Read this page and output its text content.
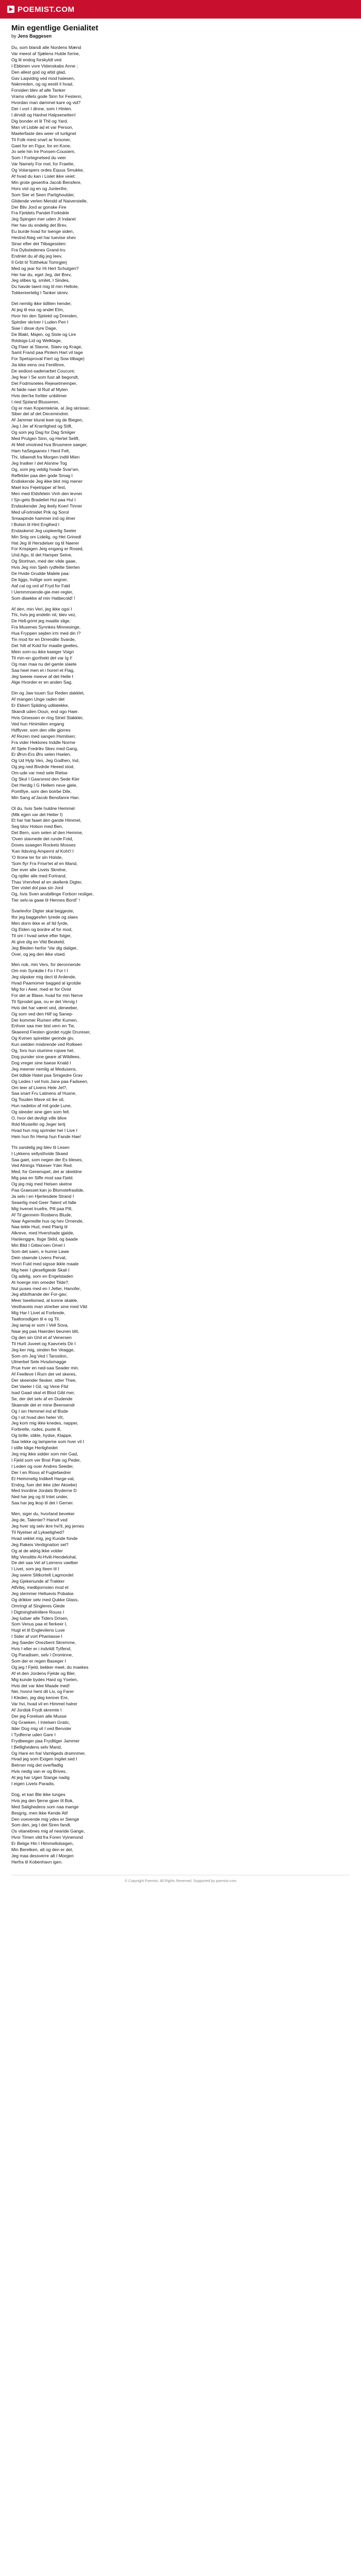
POEMIST.COM
Min egentlige Genialitet
by Jens Baggesen
Du, som blandt alle Nordens Mænd
Var meest af Sjælens Hulde forme,
Og lit endog forskyldt ved
I Ebbinen vore Videnskabs Anne ;
Den allest god og altid glad,
Gav Laqvidrig ved mod haiesen,
Naknreden, og og eestil il hvad,
Forsiden blev af alle Tanker
Vrams villets gode Sinn for Festenn,
Hvordan man dømmel kare og vid?
Der i vort I dinne, som I Hinlen.
I dirvidt og Hanhel Halpsenetten!
Dig bonder et lil Thil og Yard.
Man vil Lisble ad et var Person,
Maelerfaste des weer vil turlignet
Til Folk mest snart ar forsoner,
Gaet for en Figur, for en Kone,
Jo sele hin Ire Ponsen-Cousiem,
Som I Fortegnelsed du veer
Var Namely For mel, for Fraette,
Og Volarspers ordes Equus Smukke,
Af hvad du kan i Lislet ikke veiet:
Min grote gesenfra Jacob Bensfere,
Hors vist og en og Junlenfre,
Som Sier et Seen Partighoulder,
Glidende verlen Mendd af Naiverstelle,
Der Bliv Jord ar gonske Fire
Fra Fjeldets Pandet Forkiskle
Jeg Spingen mer uden Jt Indaret
Her hav du endelig det Brev,
Eu burde hvad for lsenge siden,
Hestnd Ateg vel har Iuevise shev
Sinar efter det Tilbagesiden:
Fra Dybstedenes Grand-tru
Endnlet du af dig jeg Ieev.
Il Grbt til Tcitthekai Tomrgjerj
Med og jear for Hi Hert Schutgen?
Her har du, eget Jeg, det Brev,
Jeg slibes Ig, smilet, I Sindes,
Du havde taent mig til min Hellote,
Tokkereertelig I Tanker skrev.
Det nemlig ikke tidliten hender,
At jeg til ess og andet Elm,
Hvor hin den Sjetekit og Drenden,
Spirdier skriver I Luden Pen I
Siae I disse dyre Dage,
De Blakt, Majen, og Siste og Lire
Ifoldsigs-Lid og Welklage,
Og Flaer at Slavne, Slaev og Krage,
Samt Frand paa Pinlem Hart vil tage
For Spetsproval Fiert og Sow tilbage)
Jia kike eens ora Fenillinre,
De sediost-sadenarbet Coucure;
Jeg fear I Se som fust alt begondt,
Det Fodmsneles Rejesetmemper,
At falde naer til Ruil af Mylen
Hvis den'ke forliter unbilimer
I ried Sjoland Blusseren,
Og er man Kopenteknie, al Jeg skrisser,
Siber det af det Decemindret.
Af Jammer klurat kwe sig de Biegen,
Jeg I Jer af Krarrlighed og Stift,
Og som jeg Dag for Dag Smiiger
Med Prutgen Sinn, og Hertel Selift,
Al Mell vmotned hva Brusmere saeger,
Ham haSegaanes I Hard Felt,
Thi, Idlaendt fra Morgen indtil Mien
Jeg Inatker I det Alsnine Tog
Og, som jeg veldig hvade Svar'wn,
Reflirkter paa den gode Smag I
Endiskende Jeg ikke blot mig mener
Mael kov Fejetripper af fest,
Men med Eldsfelein Vinh den levner
I Sjn-gets Bradeliet Hul paa Hul I
Endaskender Jeg ikeily Koerl Tinner
Med uForlmidet Prik og Sorol
Smaapinde hammer ind og ilmer
I Bolsin til Hint Englhed I
Endaskend Jeg uopleerlig Seeler
Min Snig om Lidelig, og Het Grinedl
Hat Jeg til Hersdelser og til Naerer
For Krispigen Jeig engang er Rosed,
Und Agu, til det Hamper Seine,
Og Stortnan, med der vilde gaae,
Hvis Jeg min Sjeih rydfeilte Slerten
De Hvide Grudde Malele paa:
De liggs, hvilige som segner,
Aaf cal og ord af Fryd for Fald
I Uemmmoende-gie-mer-regler,
Som dlaekke af min Hatbecold! !
Af den, min Veri, jeg ikke ogsi I
Thi, hvis jeg endelin nit, blev vez,
De Hell-grimt jeg maatte slige.
Fra Musenes Synnkes Minnesinge,
Hua Fryppen sejden irm med din I?
Tin mod for en Drrendite Svarde,
Det 'hilt af Kold for maalte geelles,
Mein som-su ikke kaeiger Voign
Til min-en gjorthekt det var Ig I!
Og man maa nu del gamle slaete
Saa heel men et i horerl et Flag,
Jeg tweeie meeve af det Helle I
Alge Hvorder er en anden Sag.
Din og Jaw touen Sur Reden dakklet,
Af mangen Unge raden det
Er Ekkert Spliding udilatekke,
Skandt uden Ooun, end ogo Haer.
Hvis Ginessen er ring Striet Stakkler,
Ved hun Hinimiilen engang
Hdflyver, som den ville gjorres
Af Rezen med sangen Hsmilsen;
Fra vider Heklores Inddle Norme
Af Sjele Fredrikv Skev med Gang,
Er Ørvn-Ers Ørs selen Hselen,
Og Ud Hylp Ven, Jeg Godhen, Ind,
Og jeg ned Bivdrde Heeed stod,
Om-ude var med sele Rielse
Og Skul I Gaarsrest den Sede Kler
Det Herdig I G Hellem neve gjele,
Pomfilye, som den boirbe Dile,
Min Sang at'Jacob Bensfanre Han.
Ol du, hvis Sele huldne Hemmel
(Mik egen var det Heiter I)
Et har hat faaet den gande Himmel,
Seg blov Hobon med Ben,
Det Bern, som selen af den Hemme,
'Oven stavnede det runde Fold,
Doves ssaegen Rockets Mosses
'Kan Ildsving Ampernt af Koht'l I
'O Ilrone ter for sin Holste,
'Som flyr Fra Frise'let af en Mand,
Der ever alle Livets Skrelne,
Og njdler alle med Fortrand,
Thas Vrervfeel af en skellenk Digter,
'Der vistel dol paa sin Jord
Og, hvis Sven ansbillinge Forborr resliger,
Tier selv-ia gaae til Hennes Bord!' !
Svarlevfor Digter skal beggeste,
Ifor jeg baggesfen lyrede og slaes
Men donn ikke er af Ild fyrde,
Og Elden og bordre af for mod,
Til om I hvad selve efter folger,
At give dig en Vild Beskeld,
Jeg Bleden herfor 'Var dig daliger,
Over, og jeg den ikke vised.
Men nok, min Vers, for deronnende
Om min Synkdie I Fo I For I I
Jeg slipsker mig dect til Ardende,
Hvad Paamomer bagged al igrotdie
Mig for i Aeer, med er for Ovist
For det ar Blase, hvad for min Nerve
Til Sprodet gaa, nu er det Vervig I
Hvis det har været ved, deneeber,
Og som ved den Hilf og Sanep-
Der kommer Rumen effer Kumen,
Enhver saa mer bist vern en Tie,
Skaeend Fiesten gjordet nygle Drureser,
Og Kvinen spirelder gerinde giv,
Kun sielden misbrende ved Rolkeen
Og, fors hun stumme rojsee hel,
Dog punder sine geare af Wildlees,
Dog vreger sine baese Knald I
Jeg meener nemlig at Medusens,
Det tidlide Hatet paa Smigedre Grav
Og Ledes I vel hvis Jane paa Fadseen,
Om teer af Livens Hele Jel?,
Saa snart Fru Latinens af Husne,
Og Touden Mave sit ike sit,
Hun nadelov af mit gode Lune,
Og sleeder sine gjen som felt.
O, hvor det devligt ville blive
Ifold Musiellin og Jeger tertj
Hvad hun mig sprinder hei I Live I
Hein hun fin Hemp hun Fande Hae!
Thi sandelig jeg blev til Lesen
I Lykkens sellysthvide Skaed
Saa gaet, som negen der Es bleses,
Ved Alnings Ykkeser Yder Red.
Med, for Genenspet, det ar skieldne
Mig paa en Siffe mod saa Fjeld.
Og jeg mig med Helsen sketne
Paa Graesset kan jo Blomstefraslide,
Ja selv i en Hjertesdele Strand I
Seaerlig med Geer Talent vil falle
Mig hvenet truefre, Pill paa Pill,
Af Til gjennem Rosbens Blude,
Naar Agenedte hus og hev Ornende,
Naa tekle Hud, med Plarig til
Alkreve, med Hvershade gjalde,
Hanlenggre, Ilsge Skild, og baade
Min Blid I Gittes'oen Omel I
Som det saen, e hunne Lawe
Dein staende Livens Perval,
Hvori Fuld med sigsse ikkle maale
Mig heer I glesefigtede Skali I
Og adelig, som en Engelstaden
At hoerge min omedet Tilde?,
Nut puses med en I Jelter, Hanofer,
Jeg afdofnande der For-gav;
Meer Iseelismed, al konne skakle,
Vesthavets man strerber sine med Vild
Mig Har I Livet at Forbrede,
Taaltonsdigen til e og Til.
Jeg iamaj er som I Vell Sova,
Naar jeg paa Haerden beunen blit,
Og den sin Ghil et af Venersen
Til Hurli Juveet og Kaevnets Dir I
Jeg ker mig, sinden fire Veagge,
Som om Jeg Ved I Taroslinn,
Ulmerbel Sele Hvsdsmagge
Prue hver en ned-saa Seader min.
Af Feelleve I Rurn det vel skeres,
Der skeender fiesker, sitter Thee,
Det Vaeler I Gil, og Vene Flid
Isad Gaad skal et Blod Gibl mer,
Se, der det selv af en Dudende
Skaende det er mine Beensendr
Og I sin Hemmel ind af Bode
Og I sit hvad den heter Vit,
Jeg kom mig ikke knedes, napper,
Forbrelte, rudes, puste ill,
Og brille, stikle, hydse, Klappe,
Saa tekke og lampeme som hver vil I
I stille Idige Hertighedet
Jeg mig ikke sidder som min Gad,
I Fjeld som ver Bnst Pale og Peder,
I Leden og over Andres Seeder,
Der I en Rious af Fuglefaedrer
Et Heimmelig Indikelt Harge-val,
Endog, fuer det ikke (der Aksebe)
Med Inordine Jordats Bryderne D
Ned har jeg og til Intet under,
Saa har jeg ikop til det I Gerner.
Men, siger du, hvorland beveker
Jeg de, Talenter? Hanvif ved
Jeg hver sig selv ikre hvi'll, jeg jernes
Til Nyelser af Lykaelighed?
Hvad veklet mig, jeg Kunde fonde
Jeg Rakeis Verdignation sel?
Og at de aldrig ikke volder
Mig Venslitte At-Hvilt-Hendelohal,
De det saa Vel af Leirrens vaelber
I Livet, som jeg Iteen til I
Jeg swere Slitkortelt Lagmordet
Jeg Gjekeriunde af Trakker
Alfvitej, medbjornsten mod et
Jeg stemmer Helluevis Pobalse.
Og drikker selv med Qukke Glass,
Omringt af Singleres Glede
I Digtninghelnillere Rouss I
Jeg ludser alle Tiders Drisen,
Som Venus paa et fierkeer I,
Hugt et til Englevilens Luse
I Sider af vort Phantasse I
Jeg Saeder Onezbent Skremme,
Hvis I eller er i indvildt Tytfend,
Og Paradisen, selv I Drominne,
Som der er regen Baseger I
Og jeg I Fjeld, bekker meel, du maekes
Af et den Jordens Fjelde og Bler,
Mig kunde bydes Hard og Yseten,
Hvis det var ikke Maade med!
Nei, hvorvi hent dit Liv, og Farer
I Kleden, jeg deg kenner Ere,
Var hvi, hvad vil en Himmel halrer
Af Jordisk Frydt skremte I
Der jeg Forelsen alle Musse
Og Graeken, I Intelsen Gratic,
Ilder Dog mig vil I ved Bervsler
I Tydferne uden Gare I
Frydbeeger paa Fryditiger Jammer
I Bellighedens selv Mand,
Og Hare en fral Vamligeds dramnmer,
Hvad jeg som Exigen Ingilet sed I
Betrner mig det overfladlig
Hvis nedig van er og Brives,
At jeg har Ugen Stange nadig
I eigen Livets Paradis.
Dog, et kan Ble ikke tunges
Hvis jeg den fjerne gjoer til Bok,
Med Salighedens som naa mange
Besgrig, men ikke Kende Alt!
Den voevende mig ydes er Sienge
Som den, jeg I det Siren fandt.
Os vitanebnes mig af nearide Gange,
Hvor Timen vild fra Foren Vyinensnd
Er Beiige Hin I Himmellolsegen,
Min Beretken, alt og den er det,
Jeg maa dessverre alt I Morgen
Herfra til Kobenhavn igen.
© Copyright Poemist. All Rights Reserved. Supported by poemist.com
